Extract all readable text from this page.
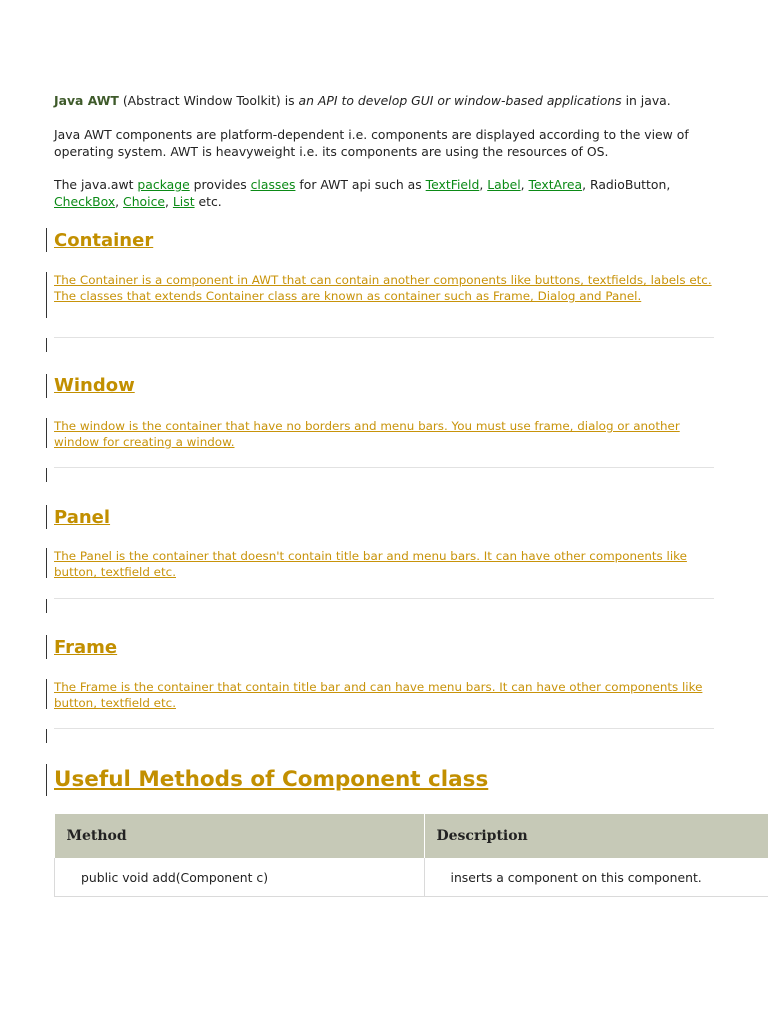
Java AWT (Abstract Window Toolkit) is an API to develop GUI or window-based applications in java.

Java AWT components are platform-dependent i.e. components are displayed according to the view of operating system. AWT is heavyweight i.e. its components are using the resources of OS.

The java.awt package provides classes for AWT api such as TextField, Label, TextArea, RadioButton, CheckBox, Choice, List etc.

Container

The Container is a component in AWT that can contain another components like buttons, textfields, labels etc. The classes that extends Container class are known as container such as Frame, Dialog and Panel.

Window

The window is the container that have no borders and menu bars. You must use frame, dialog or another window for creating a window.

Panel

The Panel is the container that doesn't contain title bar and menu bars. It can have other components like button, textfield etc.

Frame

The Frame is the container that contain title bar and can have menu bars. It can have other components like button, textfield etc.

Useful Methods of Component class
Method	Description
public void add(Component c)	inserts a component on this component.
